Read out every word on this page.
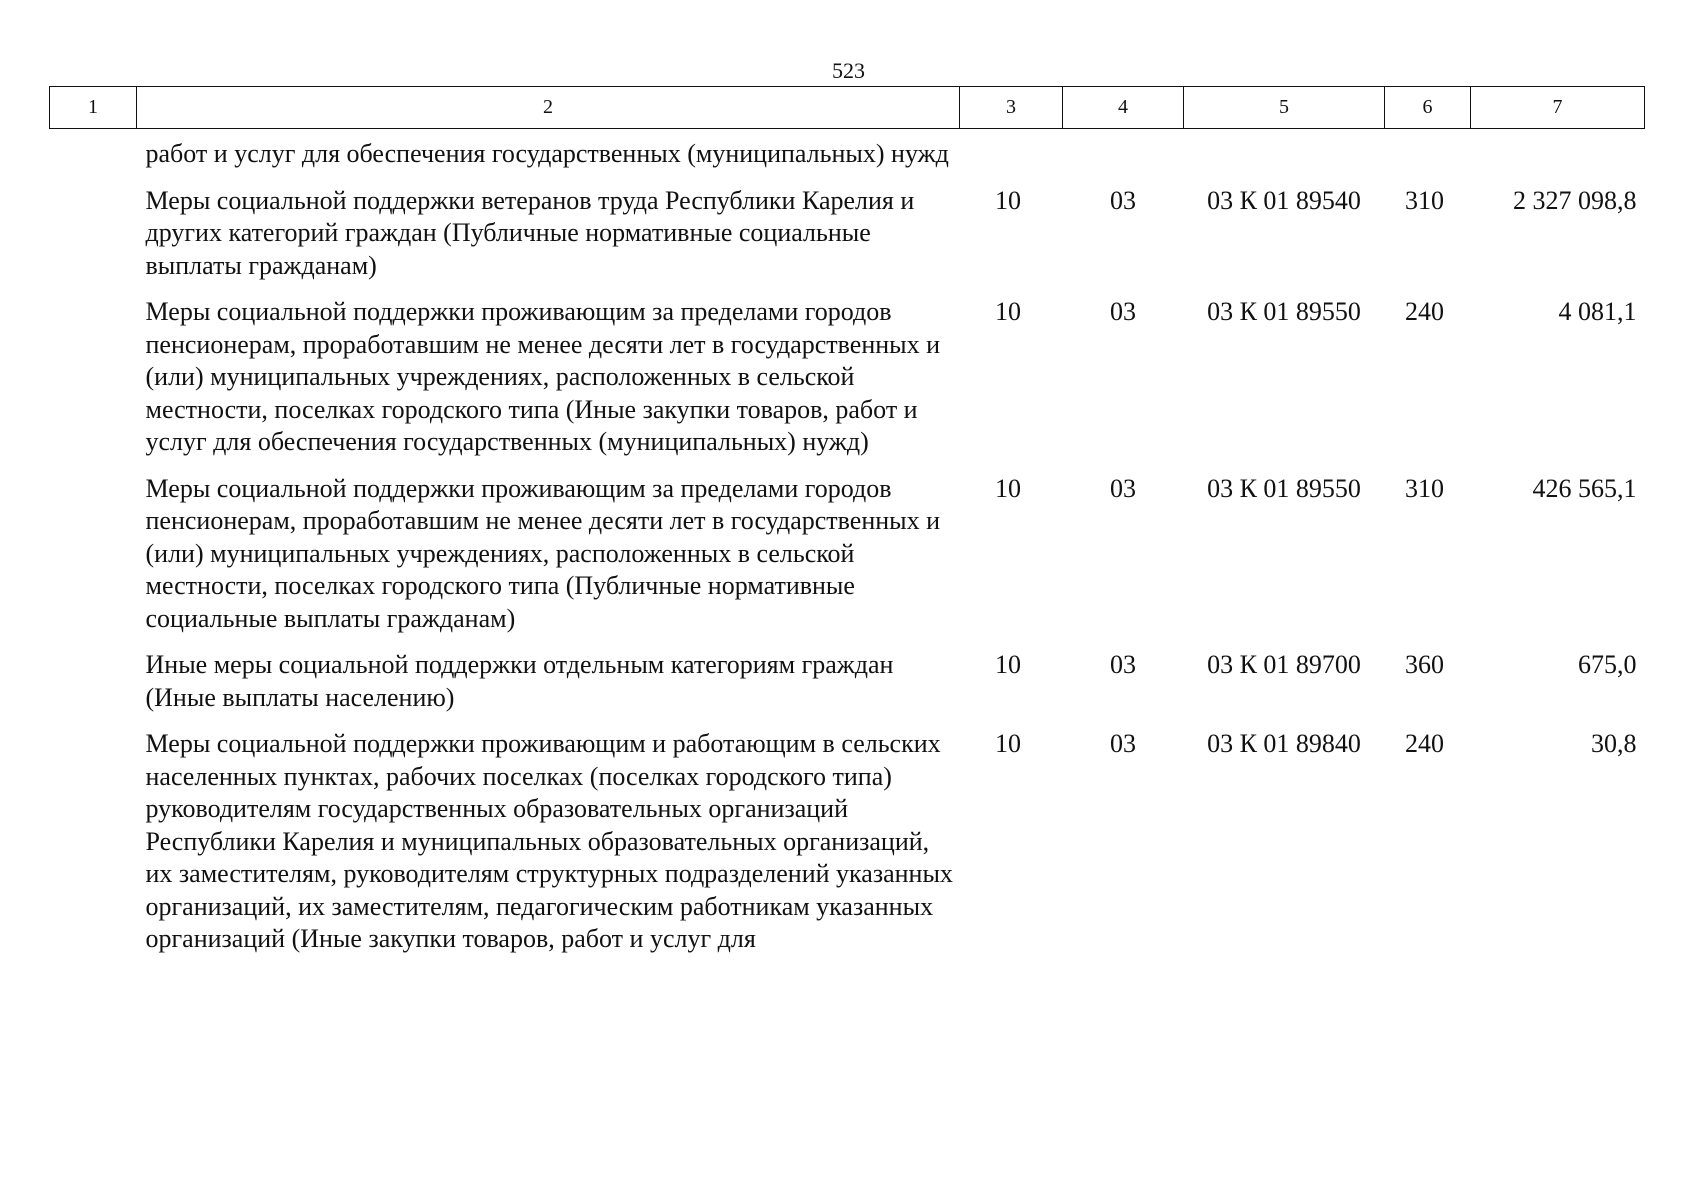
523
1	2	3	4	5	6	7
	работ и услуг для обеспечения государственных (муниципальных) нужд					
	Меры социальной поддержки ветеранов труда Республики Карелия и других категорий граждан (Публичные нормативные социальные выплаты гражданам)	10	03	03 К 01 89540	310	2 327 098,8
	Меры социальной поддержки проживающим за пределами городов пенсионерам, проработавшим не менее десяти лет в государственных и (или) муниципальных учреждениях, расположенных в сельской местности, поселках городского типа (Иные закупки товаров, работ и услуг для обеспечения государственных (муниципальных) нужд)	10	03	03 К 01 89550	240	4 081,1
	Меры социальной поддержки проживающим за пределами городов пенсионерам, проработавшим не менее десяти лет в государственных и (или) муниципальных учреждениях, расположенных в сельской местности, поселках городского типа (Публичные нормативные социальные выплаты гражданам)	10	03	03 К 01 89550	310	426 565,1
	Иные меры социальной поддержки отдельным категориям граждан (Иные выплаты населению)	10	03	03 К 01 89700	360	675,0
	Меры социальной поддержки проживающим и работающим в сельских населенных пунктах, рабочих поселках (поселках городского типа) руководителям государственных образовательных организаций Республики Карелия и муниципальных образовательных организаций, их заместителям, руководителям структурных подразделений указанных организаций, их заместителям, педагогическим работникам указанных организаций (Иные закупки товаров, работ и услуг для	10	03	03 К 01 89840	240	30,8
